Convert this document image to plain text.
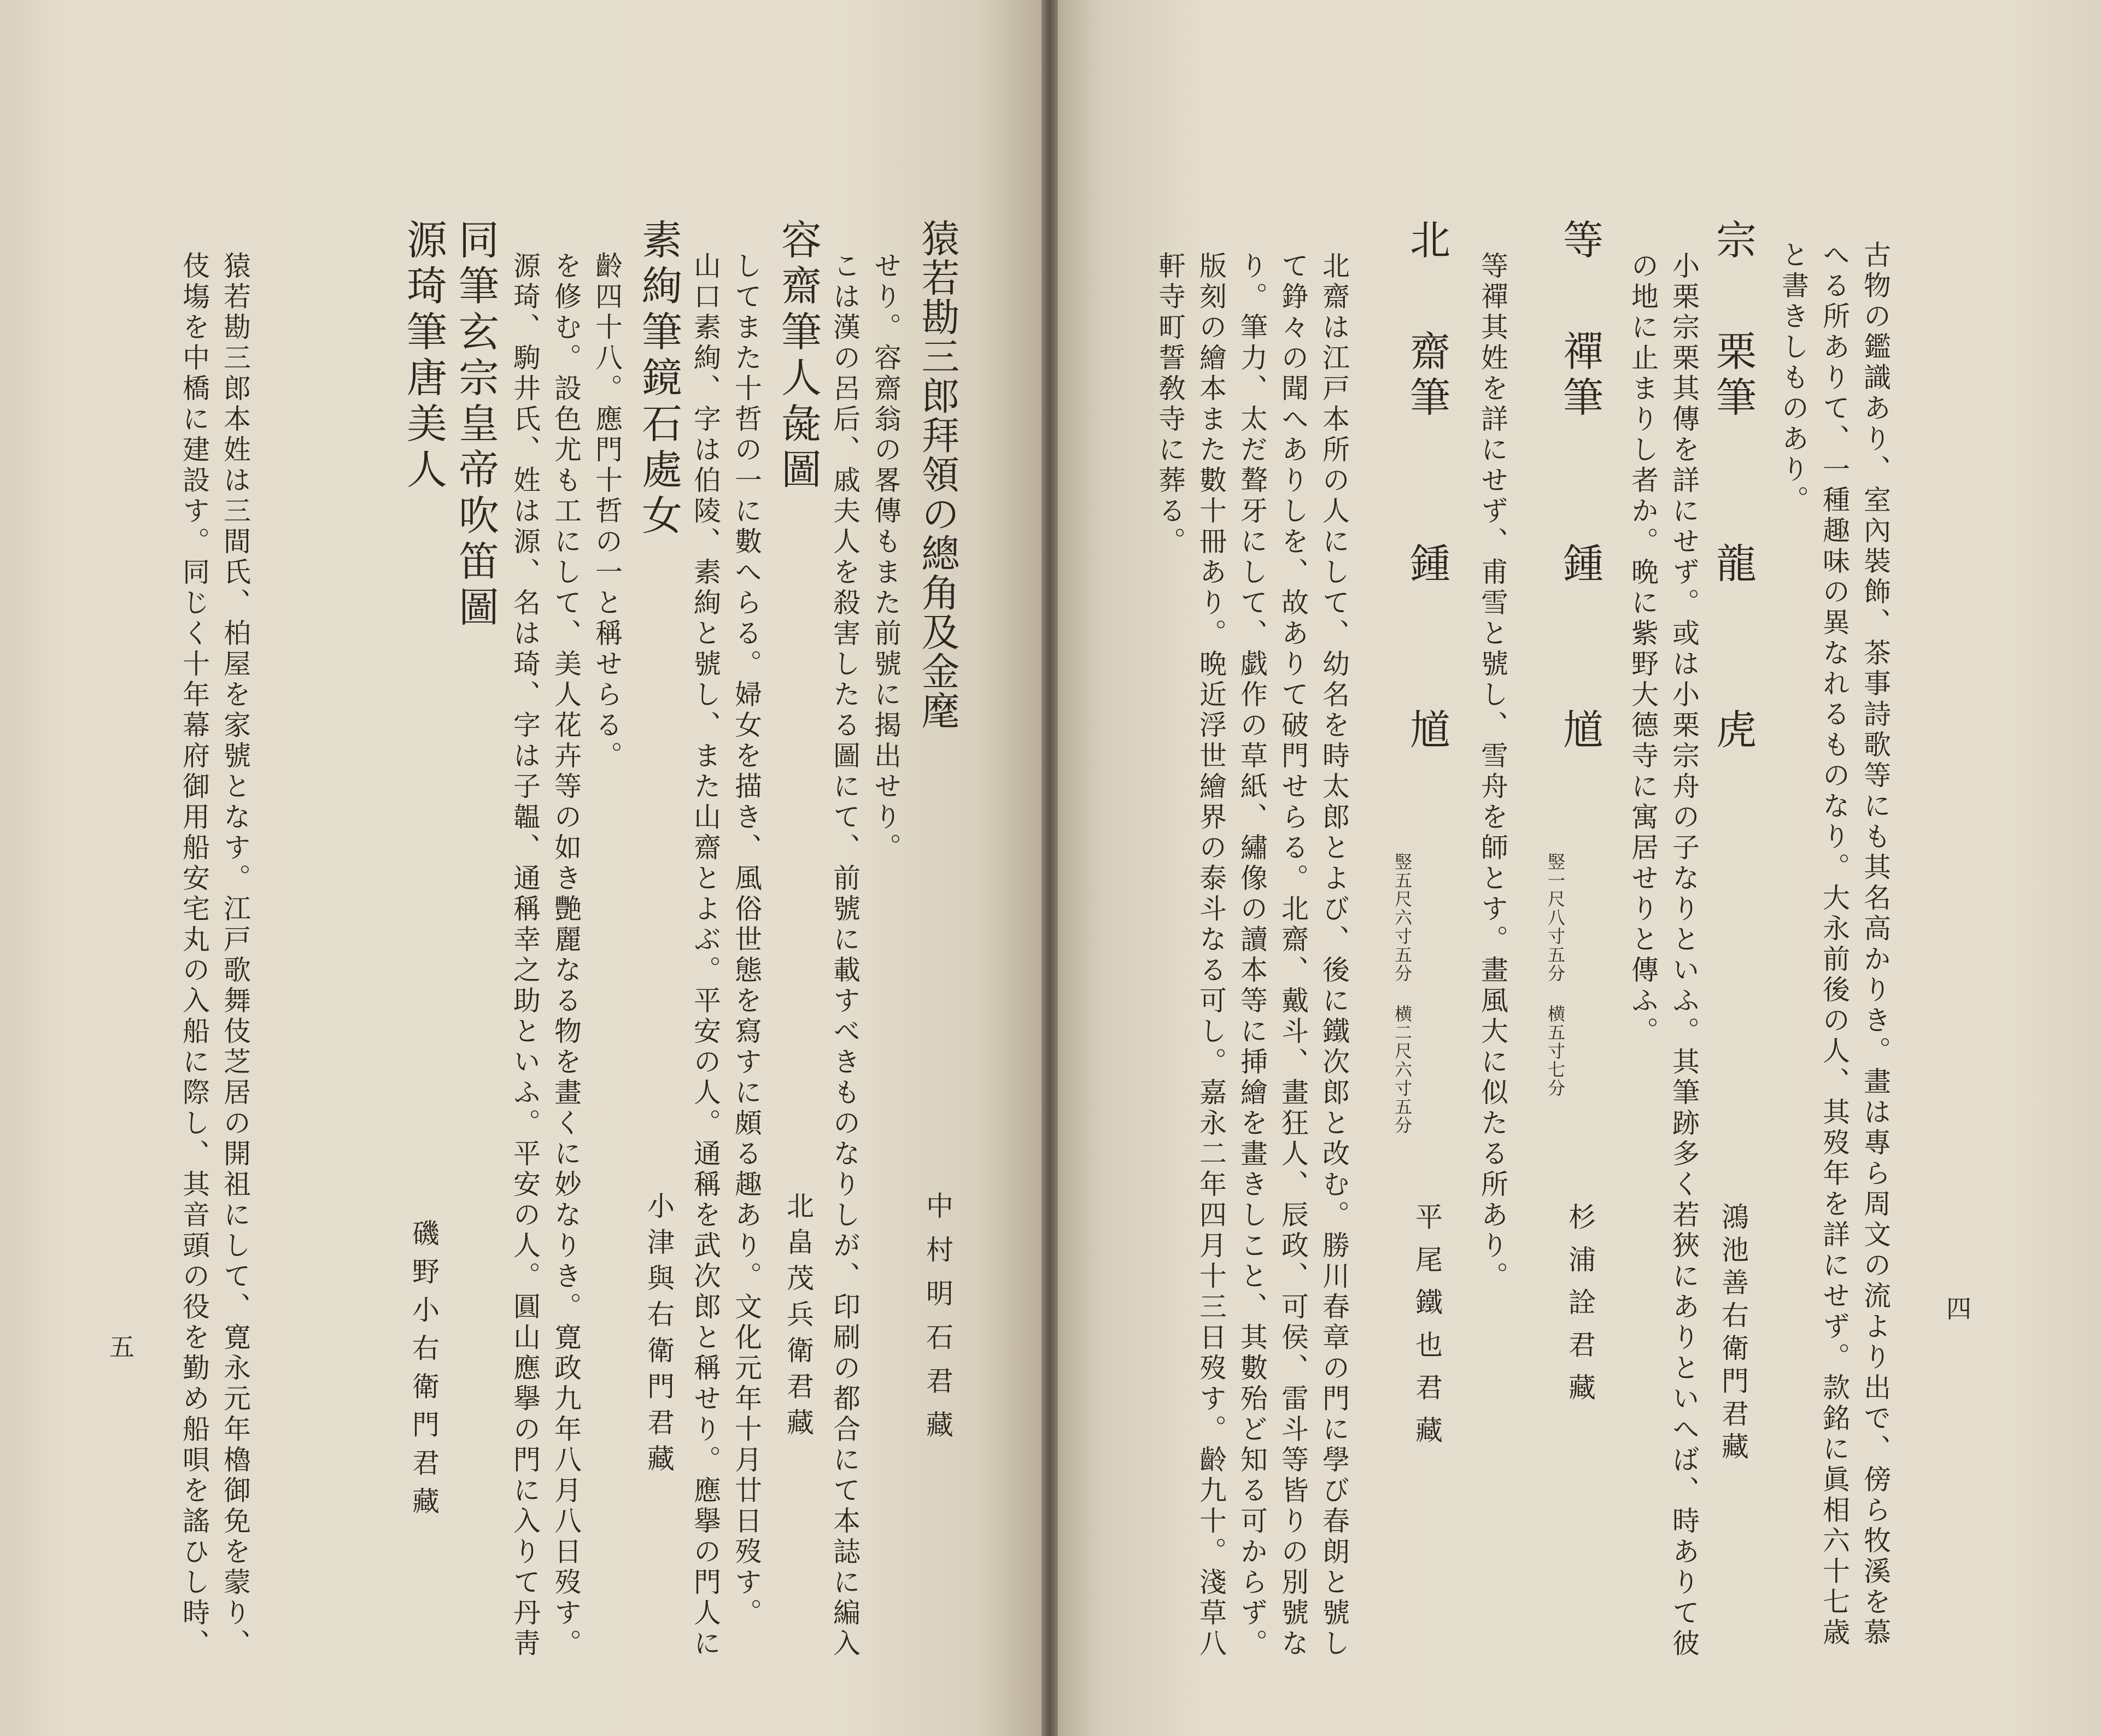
源琦筆唐美人
磯野小右衛門君藏
同筆玄宗皇帝吹笛圖 源琦、駒井氏、姓は源、名は琦、字は子韞、通稱幸之助といふ。平安の人。圓山應擧の門に入りて丹靑 を修む。設色尤も工にして、美人花卉等の如き艷麗なる物を畫くに妙なりき。寛政九年八月八日歿す。 齡四十八。應門十哲の一と稱せらる。 素絢筆鏡石處女
小津與右衛門君藏 山口素絢、字は伯陵、素絢と號し、また山齋とよぶ。平安の人。通稱を武次郎と稱せり。應擧の門人に してまた十哲の一に數へらる。婦女を描き、風俗世態を寫すに頗る趣あり。文化元年十月廿日歿す。 容齋筆人彘圖
北畠茂兵衛君藏 こは漢の呂后、戚夫人を殺害したる圖にて、前號に載すべきものなりしが、印刷の都合にて本誌に編入 せり。容齋翁の畧傳もまた前號に揭出せり。 猿若勘三郎拜領の總角及金麾
中村明石君藏
五	猿若勘三郎本姓は三間氏、柏屋を家號となす。江戸歌舞伎芝居の開祖にして、寛永元年櫓御免を蒙り、
伎塲を中橋に建設す。同じく十年幕府御用船安宅丸の入船に際し、其音頭の役を勤め船唄を謠ひし時、	四
古物の鑑識あり、室內裝飾、茶事詩歌等にも其名高かりき。畫は專ら周文の流より出で、傍ら牧溪を慕
へる所ありて、一種趣味の異なれるものなり。大永前後の人、其歿年を詳にせず。款銘に眞相六十七歳
と書きしものあり。
宗栗筆龍虎
鴻池善右衛門君藏
小栗宗栗其傳を詳にせず。或は小栗宗舟の子なりといふ。其筆跡多く若狹にありといへば、時ありて彼
の地に止まりし者か。晩に紫野大德寺に寓居せりと傳ふ。
等禪筆鍾馗
竪一尺八寸五分 横五寸七分
杉浦詮君藏
等禪其姓を詳にせず、甫雪と號し、雪舟を師とす。畫風大に似たる所あり。
北齋筆鍾馗
竪五尺六寸五分 横二尺六寸五分
平尾鐵也君藏
北齋は江戸本所の人にして、幼名を時太郎とよび、後に鐵次郎と改む。勝川春章の門に學び春朗と號し
て錚々の聞へありしを、故ありて破門せらる。北齋、戴斗、畫狂人、辰政、可侯、雷斗等皆りの別號な
り。筆力、太だ聱牙にして、戯作の草紙、繡像の讀本等に挿繪を畫きしこと、其數殆ど知る可からず。
版刻の繪本また數十冊あり。晩近浮世繪界の泰斗なる可し。嘉永二年四月十三日歿す。齡九十。淺草八
軒寺町誓敎寺に葬る。
